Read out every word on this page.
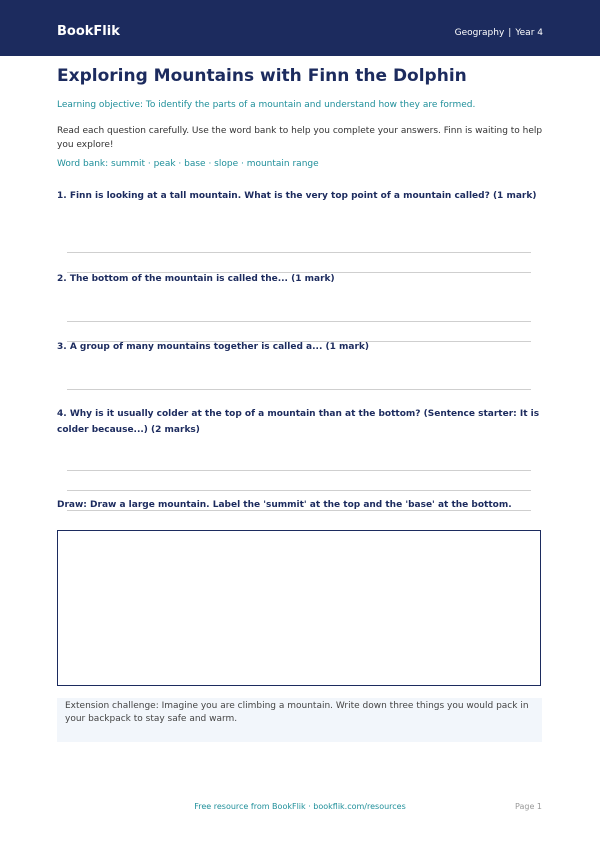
BookFlik	Geography | Year 4
Exploring Mountains with Finn the Dolphin
Learning objective: To identify the parts of a mountain and understand how they are formed.
Read each question carefully. Use the word bank to help you complete your answers. Finn is waiting to help you explore!
Word bank: summit · peak · base · slope · mountain range
1. Finn is looking at a tall mountain. What is the very top point of a mountain called? (1 mark)
2. The bottom of the mountain is called the... (1 mark)
3. A group of many mountains together is called a... (1 mark)
4. Why is it usually colder at the top of a mountain than at the bottom? (Sentence starter: It is colder because...) (2 marks)
Draw: Draw a large mountain. Label the 'summit' at the top and the 'base' at the bottom.
Extension challenge: Imagine you are climbing a mountain. Write down three things you would pack in your backpack to stay safe and warm.
Free resource from BookFlik · bookflik.com/resources	Page 1
